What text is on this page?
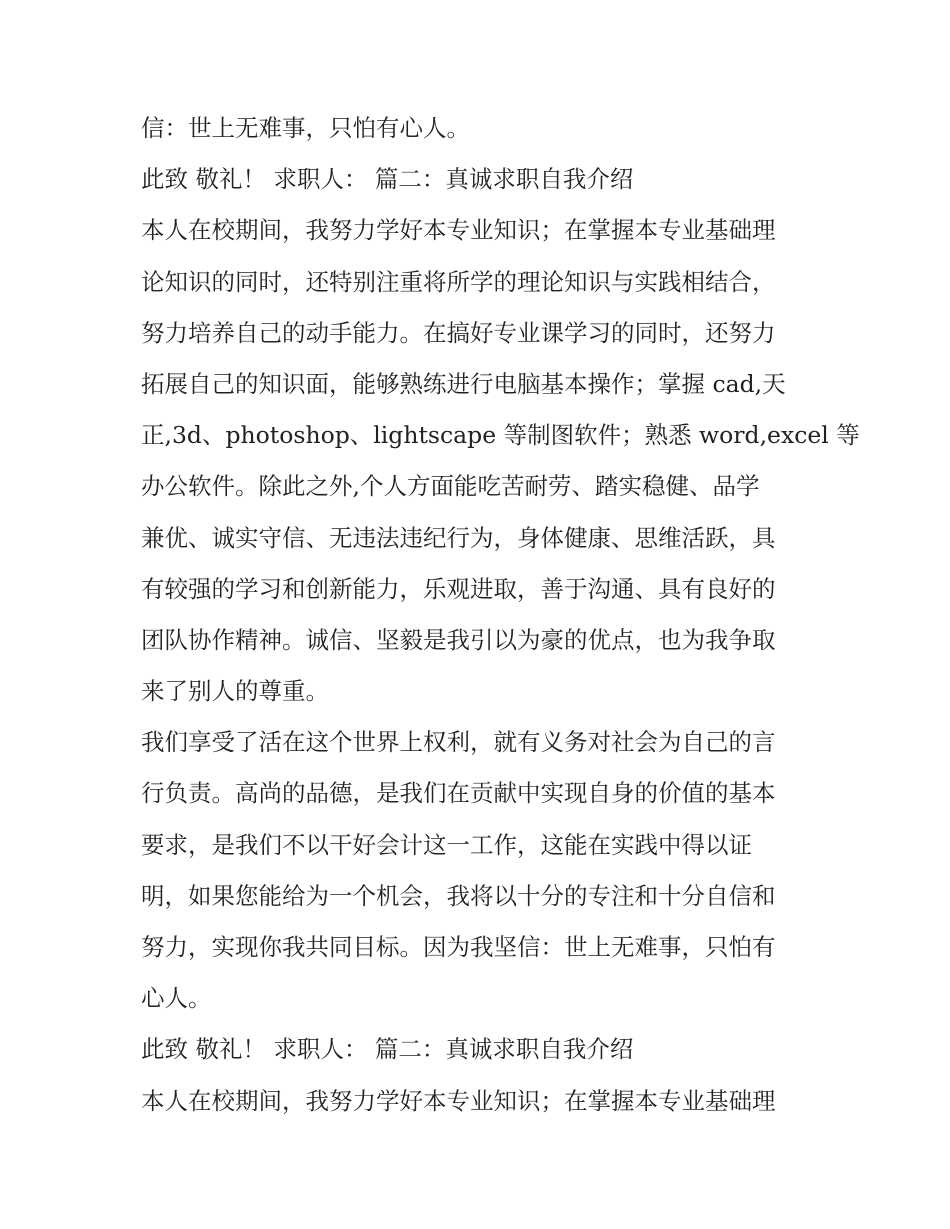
信：世上无难事，只怕有心人。
此致 敬礼！ 求职人： 篇二：真诚求职自我介绍
本人在校期间，我努力学好本专业知识；在掌握本专业基础理
论知识的同时，还特别注重将所学的理论知识与实践相结合，
努力培养自己的动手能力。在搞好专业课学习的同时，还努力
拓展自己的知识面，能够熟练进行电脑基本操作；掌握 cad,天
正,3d、photoshop、lightscape 等制图软件；熟悉 word,excel 等
办公软件。除此之外,个人方面能吃苦耐劳、踏实稳健、品学
兼优、诚实守信、无违法违纪行为，身体健康、思维活跃，具
有较强的学习和创新能力，乐观进取，善于沟通、具有良好的
团队协作精神。诚信、坚毅是我引以为豪的优点，也为我争取
来了别人的尊重。
我们享受了活在这个世界上权利，就有义务对社会为自己的言
行负责。高尚的品德，是我们在贡献中实现自身的价值的基本
要求，是我们不以干好会计这一工作，这能在实践中得以证
明，如果您能给为一个机会，我将以十分的专注和十分自信和
努力，实现你我共同目标。因为我坚信：世上无难事，只怕有
心人。
此致 敬礼！ 求职人： 篇二：真诚求职自我介绍
本人在校期间，我努力学好本专业知识；在掌握本专业基础理
